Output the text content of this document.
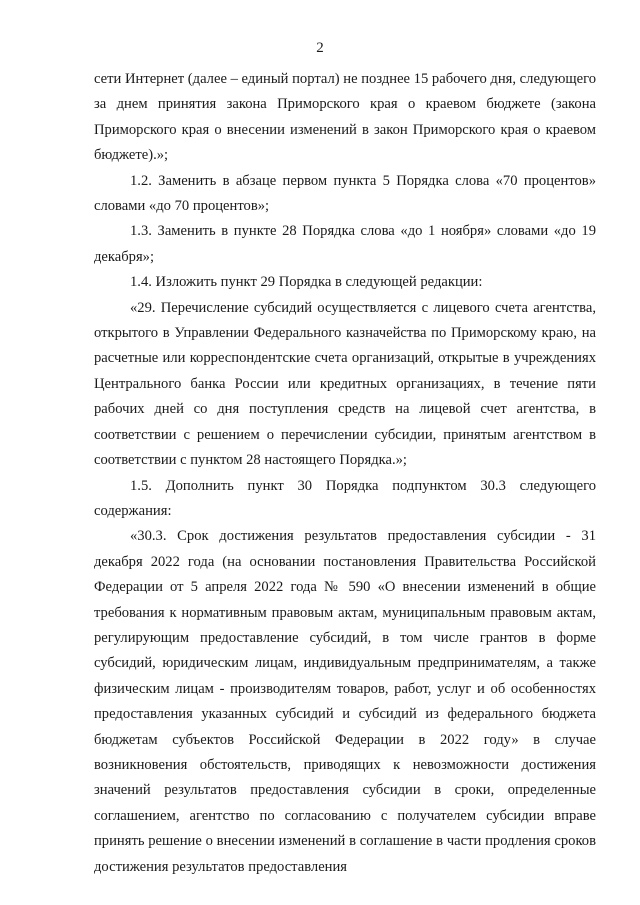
2

сети Интернет (далее – единый портал) не позднее 15 рабочего дня, следующего за днем принятия закона Приморского края о краевом бюджете (закона Приморского края о внесении изменений в закон Приморского края о краевом бюджете).»;

1.2. Заменить в абзаце первом пункта 5 Порядка слова «70 процентов» словами «до 70 процентов»;

1.3. Заменить в пункте 28 Порядка слова «до 1 ноября» словами «до 19 декабря»;

1.4. Изложить пункт 29 Порядка в следующей редакции:

«29. Перечисление субсидий осуществляется с лицевого счета агентства, открытого в Управлении Федерального казначейства по Приморскому краю, на расчетные или корреспондентские счета организаций, открытые в учреждениях Центрального банка России или кредитных организациях, в течение пяти рабочих дней со дня поступления средств на лицевой счет агентства, в соответствии с решением о перечислении субсидии, принятым агентством в соответствии с пунктом 28 настоящего Порядка.»;

1.5. Дополнить пункт 30 Порядка подпунктом 30.3 следующего содержания:

«30.3. Срок достижения результатов предоставления субсидии - 31 декабря 2022 года (на основании постановления Правительства Российской Федерации от 5 апреля 2022 года № 590 «О внесении изменений в общие требования к нормативным правовым актам, муниципальным правовым актам, регулирующим предоставление субсидий, в том числе грантов в форме субсидий, юридическим лицам, индивидуальным предпринимателям, а также физическим лицам - производителям товаров, работ, услуг и об особенностях предоставления указанных субсидий и субсидий из федерального бюджета бюджетам субъектов Российской Федерации в 2022 году» в случае возникновения обстоятельств, приводящих к невозможности достижения значений результатов предоставления субсидии в сроки, определенные соглашением, агентство по согласованию с получателем субсидии вправе принять решение о внесении изменений в соглашение в части продления сроков достижения результатов предоставления
